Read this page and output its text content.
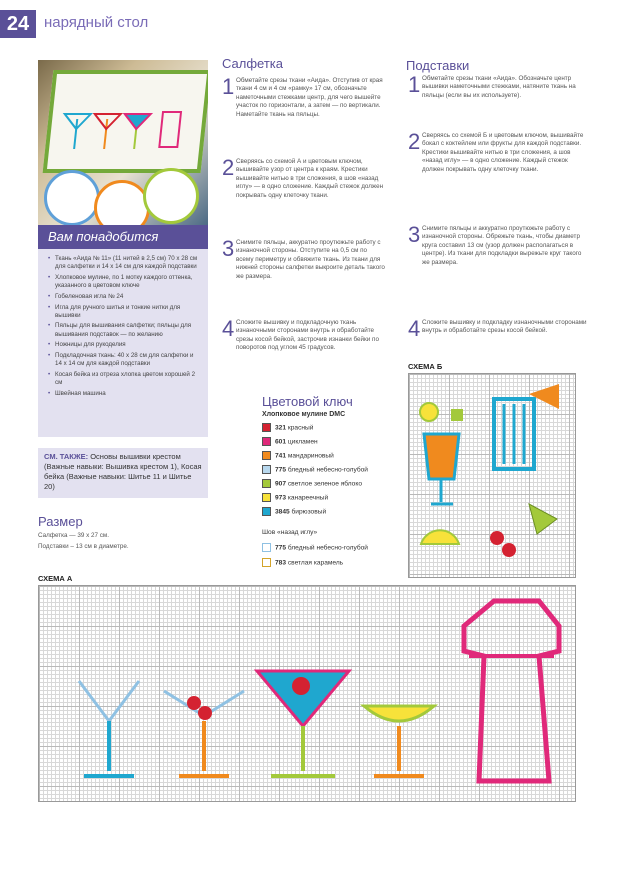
24 нарядный стол
Вам понадобится
• Ткань «Аида № 11» (11 нитей в 2,5 см) 70 x 28 см для салфетки и 14 x 14 см для каждой подставки
• Хлопковое мулине, по 1 мотку каждого оттенка, указанного в цветовом ключе
• Гобеленовая игла № 24
• Игла для ручного шитья и тонкие нитки для вышивки
• Пяльцы для вышивания салфетки; пяльцы для вышивания подставок — по желанию
• Ножницы для рукоделия
• Подкладочная ткань: 40 x 28 см для салфетки и 14 x 14 см для каждой подставки
• Косая бейка из отреза хлопка цветом хорошей 2 см
• Швейная машина
СМ. ТАКЖЕ: Основы вышивки крестом (Важные навыки: Вышивка крестом 1), Косая бейка (Важные навыки: Шитье 11 и Шитье 20)
Размер
Салфетка — 39 x 27 см.
Подставки – 13 см в диаметре.
Салфетка
1 Обметайте срезы ткани «Аида». Отступив от края ткани 4 см и 4 см «рамку» 17 см, обозначьте наметочными стежками центр, для чего вышейте участок по горизонтали, а затем — по вертикали. Наметайте ткань на пяльцы.
2 Сверяясь со схемой А и цветовым ключом, вышивайте узор от центра к краям. Крестики вышивайте нитью в три сложения, в шов «назад иглу» — в одно сложение. Каждый стежок должен покрывать одну клеточку ткани.
3 Снимите пяльцы, аккуратно проутюжьте работу с изнаночной стороны. Отступите на 0,5 см по всему периметру и обвяжите ткань. Из ткани для нижней стороны салфетки выкроите деталь такого же размера.
4 Сложите вышивку и подкладочную ткань изнаночными сторонами внутрь и обработайте срезы косой бейкой, застрочив изнанки бейки по поворотов под углом 45 градусов.
Цветовой ключ
Хлопковое мулине DMC
321 красный
601 цикламен
741 мандариновый
775 бледный небесно-голубой
907 светлое зеленое яблоко
973 канареечный
3845 бирюзовый
Шов «назад иглу»
775 бледный небесно-голубой
783 светлая карамель
Подставки
1 Обметайте срезы ткани «Аида». Обозначьте центр вышивки наметочными стежками, натяните ткань на пяльцы (если вы их используете).
2 Сверяясь со схемой Б и цветовым ключом, вышивайте бокал с коктейлем или фрукты для каждой подставки. Крестики вышивайте нитью в три сложения, а шов «назад иглу» — в одно сложение. Каждый стежок должен покрывать одну клеточку ткани.
3 Снимите пяльцы и аккуратно проутюжьте работу с изнаночной стороны. Обрежьте ткань, чтобы диаметр круга составил 13 см (узор должен располагаться в центре). Из ткани для подкладки вырежьте круг такого же размера.
4 Сложите вышивку и подкладку изнаночными сторонами внутрь и обработайте срезы косой бейкой.
СХЕМА Б
СХЕМА А
